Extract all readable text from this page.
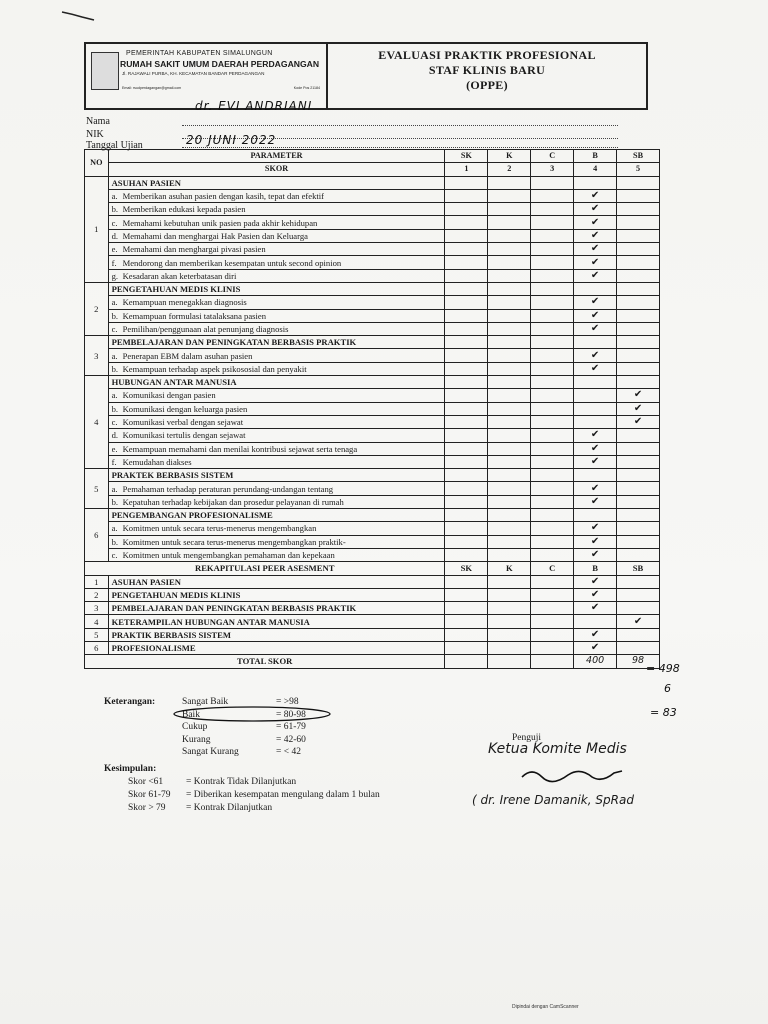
PEMERINTAH KABUPATEN SIMALUNGUN
RUMAH SAKIT UMUM DAERAH PERDAGANGAN
Jl. RAJAWALI PURBA, KH. KECAMATAN BANDAR PERDAGANGAN
Email: rsudperdagangan@gmail.com	Kode Pos 21184
EVALUASI PRAKTIK PROFESIONAL
STAF KLINIS BARU
(OPPE)
Nama
dr. EVI ANDRIANI
NIK
Tanggal Ujian	20 JUNI 2022
NO	PARAMETER	SK	K	C	B	SB
	SKOR	1	2	3	4	5
1	ASUHAN PASIEN					
	a. Memberikan asuhan pasien dengan kasih, tepat dan efektif				✔	
	b. Memberikan edukasi kepada pasien				✔	
	c. Memahami kebutuhan unik pasien pada akhir kehidupan				✔	
	d. Memahami dan menghargai Hak Pasien dan Keluarga				✔	
	e. Memahami dan menghargai pivasi pasien				✔	
	f. Mendorong dan memberikan kesempatan untuk second opinion				✔	
	g. Kesadaran akan keterbatasan diri				✔	
2	PENGETAHUAN MEDIS KLINIS					
	a. Kemampuan menegakkan diagnosis				✔	
	b. Kemampuan formulasi tatalaksana pasien				✔	
	c. Pemilihan/penggunaan alat penunjang diagnosis				✔	
3	PEMBELAJARAN DAN PENINGKATAN BERBASIS PRAKTIK					
	a. Penerapan EBM dalam asuhan pasien				✔	
	b. Kemampuan terhadap aspek psikososial dan penyakit				✔	
4	HUBUNGAN ANTAR MANUSIA					
	a. Komunikasi dengan pasien					✔
	b. Komunikasi dengan keluarga pasien					✔
	c. Komunikasi verbal dengan sejawat					✔
	d. Komunikasi tertulis dengan sejawat				✔	
	e. Kemampuan memahami dan menilai kontribusi sejawat serta tenaga				✔	
	f. Kemudahan diakses				✔	
5	PRAKTEK BERBASIS SISTEM					
	a. Pemahaman terhadap peraturan perundang-undangan tentang				✔	
	b. Kepatuhan terhadap kebijakan dan prosedur pelayanan di rumah				✔	
6	PENGEMBANGAN PROFESIONALISME					
	a. Komitmen untuk secara terus-menerus mengembangkan				✔	
	b. Komitmen untuk secara terus-menerus mengembangkan praktik-				✔	
	c. Komitmen untuk mengembangkan pemahaman dan kepekaan				✔	
REKAPITULASI PEER ASESMENT		SK	K	C	B	SB
1	ASUHAN PASIEN				✔	
2	PENGETAHUAN MEDIS KLINIS				✔	
3	PEMBELAJARAN DAN PENINGKATAN BERBASIS PRAKTIK				✔	
4	KETERAMPILAN HUBUNGAN ANTAR MANUSIA					✔
5	PRAKTIK BERBASIS SISTEM				✔	
6	PROFESIONALISME				✔	
TOTAL SKOR					400	98
= 498
6
= 83
Keterangan:	Sangat Baik	= >98
Baik	= 80-98
Cukup	= 61-79
Kurang	= 42-60
Sangat Kurang	= < 42
Kesimpulan:
Skor <61 = Kontrak Tidak Dilanjutkan
Skor 61-79 = Diberikan kesempatan mengulang dalam 1 bulan
Skor > 79 = Kontrak Dilanjutkan
Penguji
Ketua Komite Medis
( dr. Irene Damanik, SpRad
Dipindai dengan CamScanner
